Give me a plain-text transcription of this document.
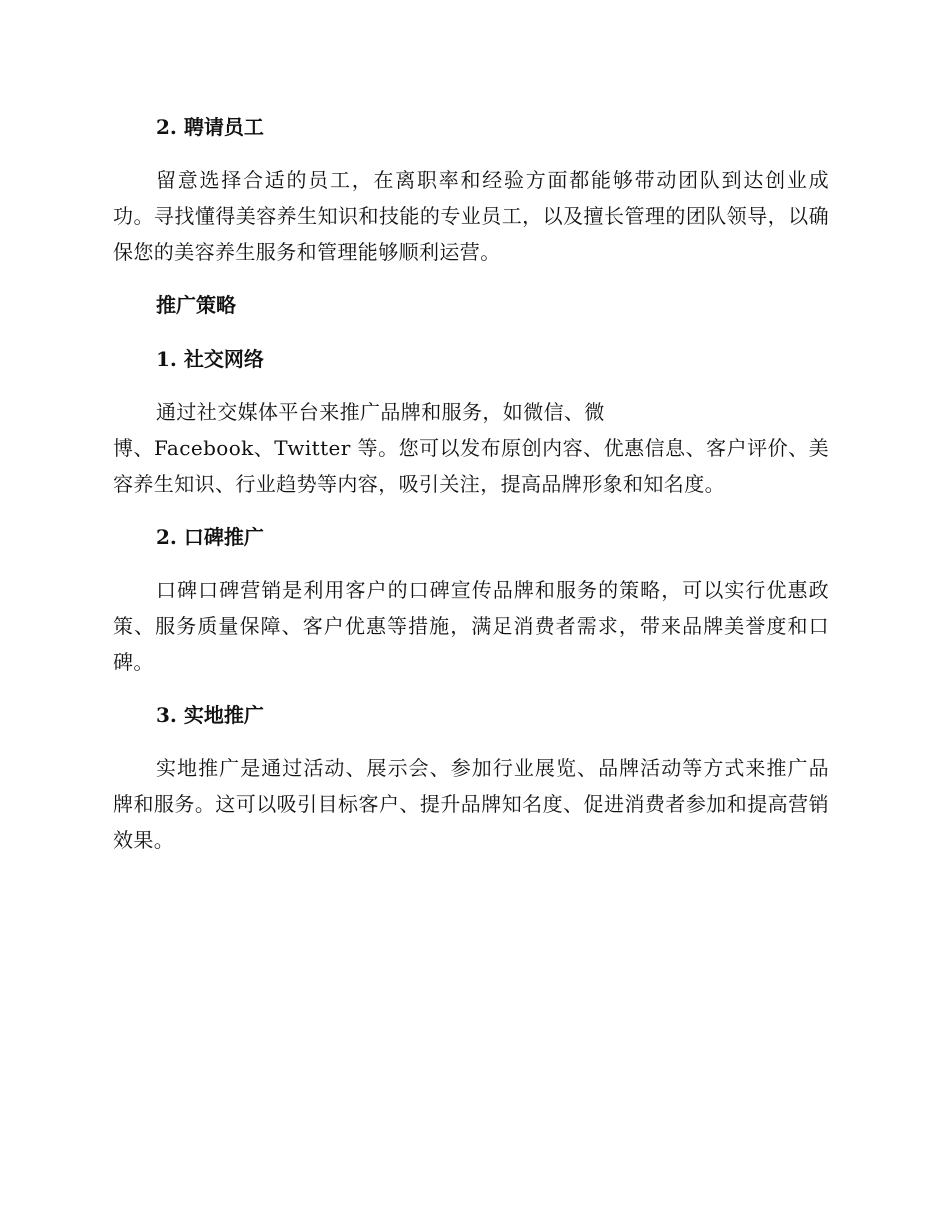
2. 聘请员工

留意选择合适的员工，在离职率和经验方面都能够带动团队到达创业成功。寻找懂得美容养生知识和技能的专业员工，以及擅长管理的团队领导，以确保您的美容养生服务和管理能够顺利运营。

推广策略

1. 社交网络

通过社交媒体平台来推广品牌和服务，如微信、微
博、Facebook、Twitter 等。您可以发布原创内容、优惠信息、客户评价、美容养生知识、行业趋势等内容，吸引关注，提高品牌形象和知名度。

2. 口碑推广

口碑口碑营销是利用客户的口碑宣传品牌和服务的策略，可以实行优惠政策、服务质量保障、客户优惠等措施，满足消费者需求，带来品牌美誉度和口碑。

3. 实地推广

实地推广是通过活动、展示会、参加行业展览、品牌活动等方式来推广品牌和服务。这可以吸引目标客户、提升品牌知名度、促进消费者参加和提高营销效果。
